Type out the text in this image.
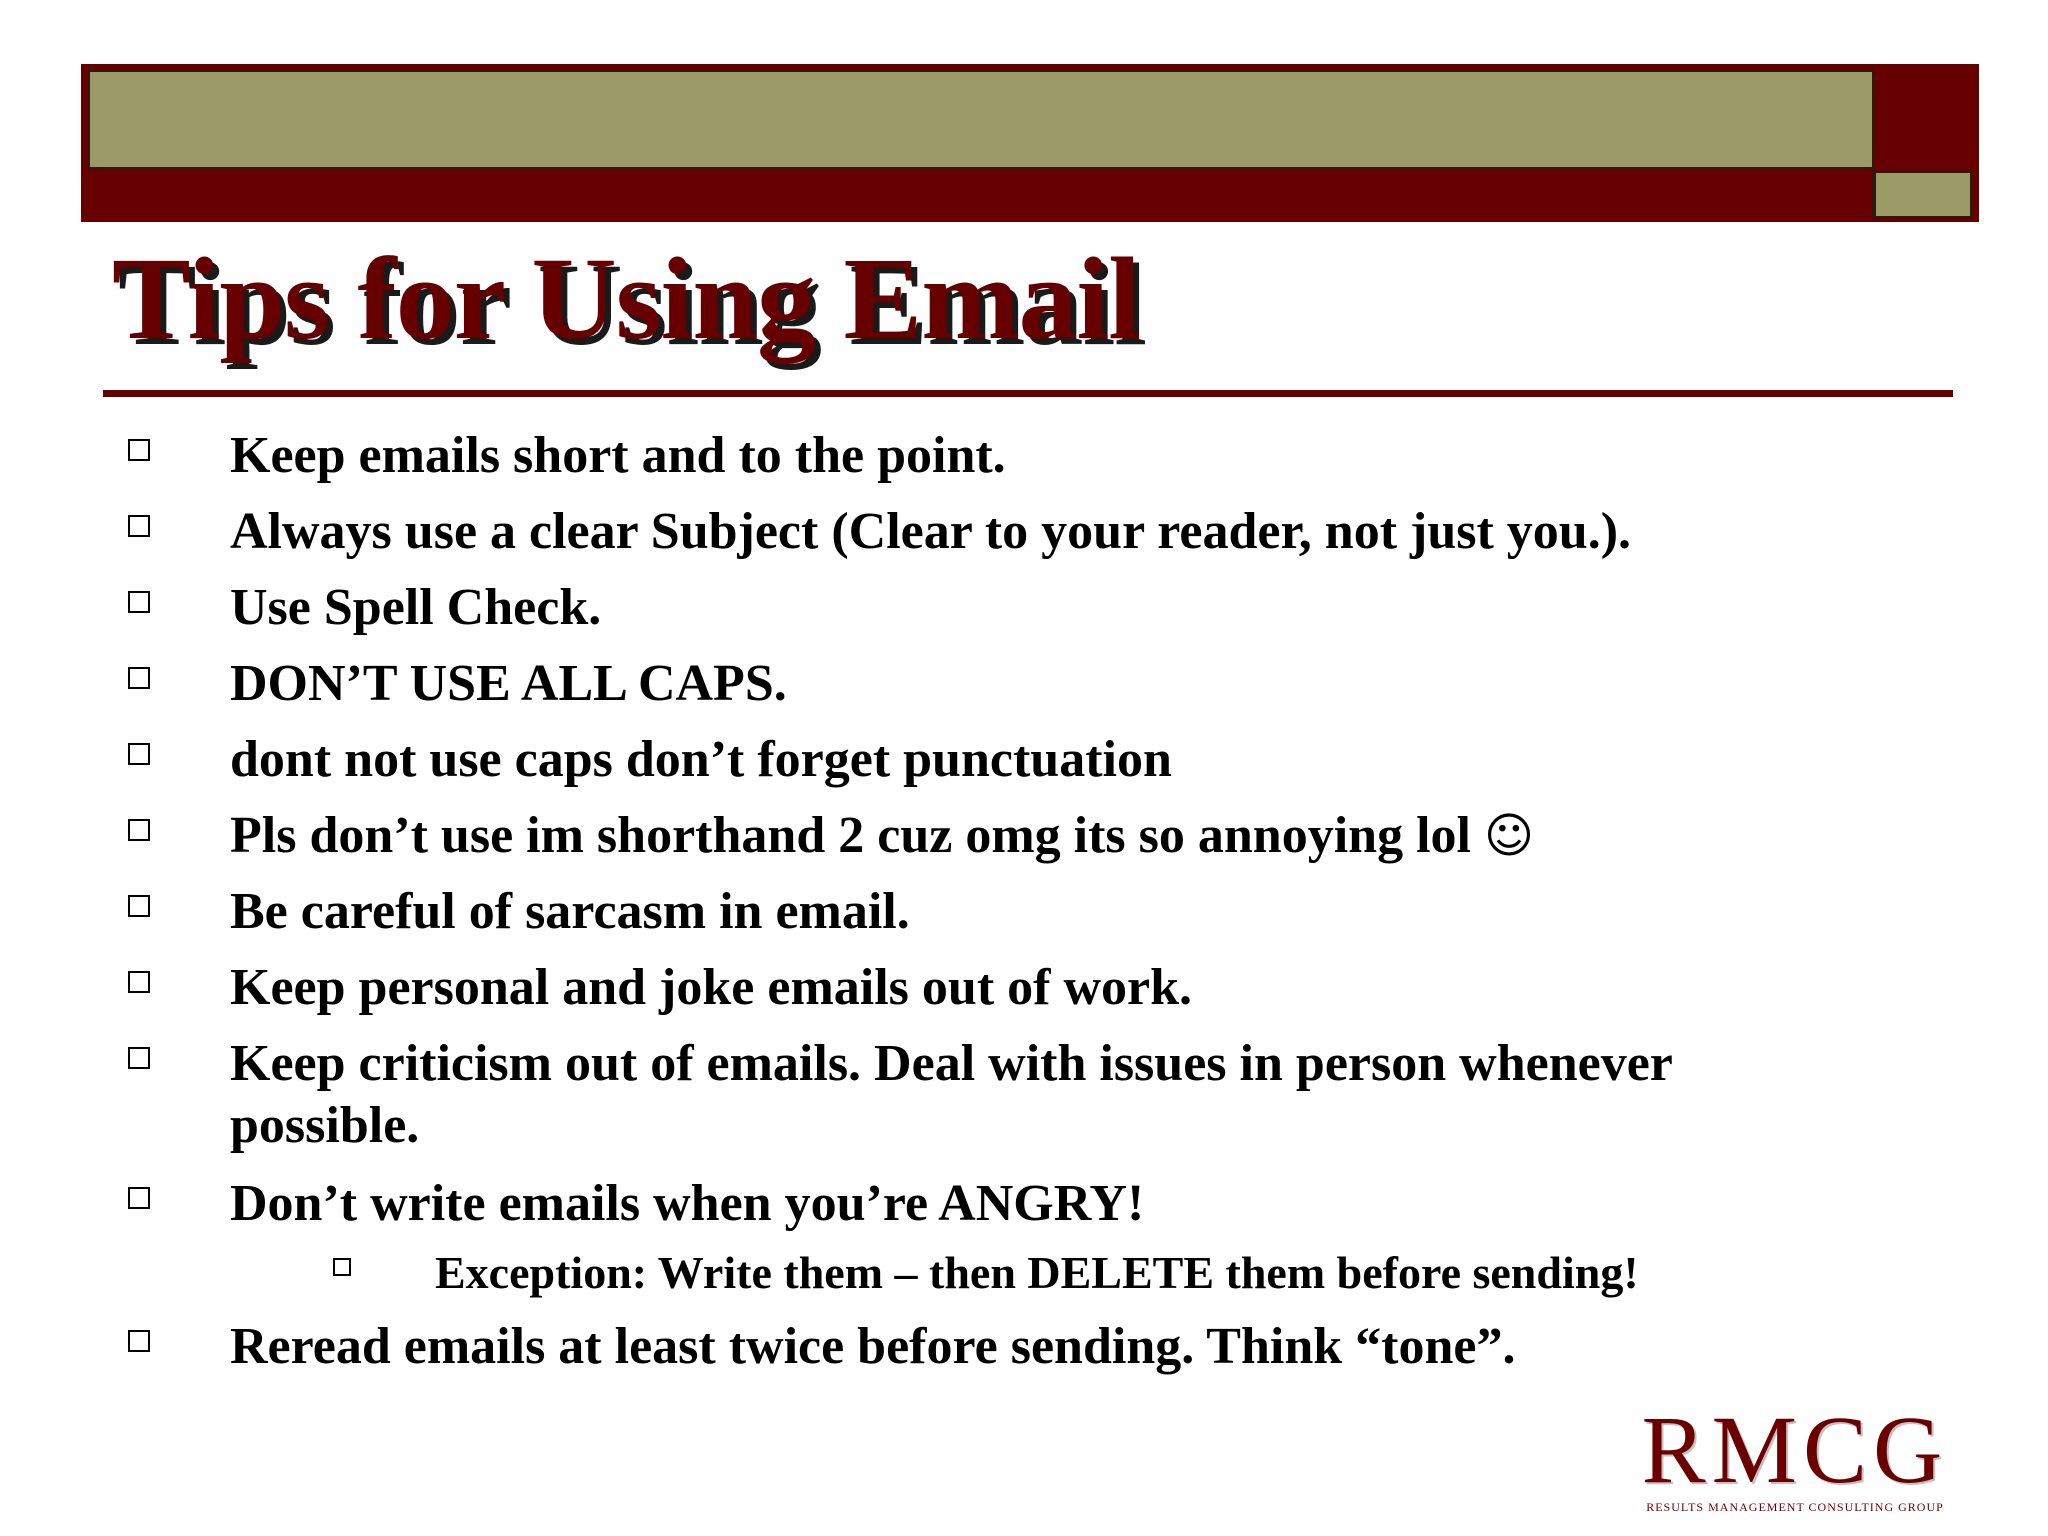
Tips for Using Email
Keep emails short and to the point.
Always use a clear Subject (Clear to your reader, not just you.).
Use Spell Check.
DON’T USE ALL CAPS.
dont not use caps don’t forget punctuation
Pls don’t use im shorthand 2 cuz omg its so annoying lol ☺
Be careful of sarcasm in email.
Keep personal and joke emails out of work.
Keep criticism out of emails. Deal with issues in person whenever possible.
Don’t write emails when you’re ANGRY!
Exception: Write them – then DELETE them before sending!
Reread emails at least twice before sending. Think “tone”.
RMCG
RESULTS MANAGEMENT CONSULTING GROUP
